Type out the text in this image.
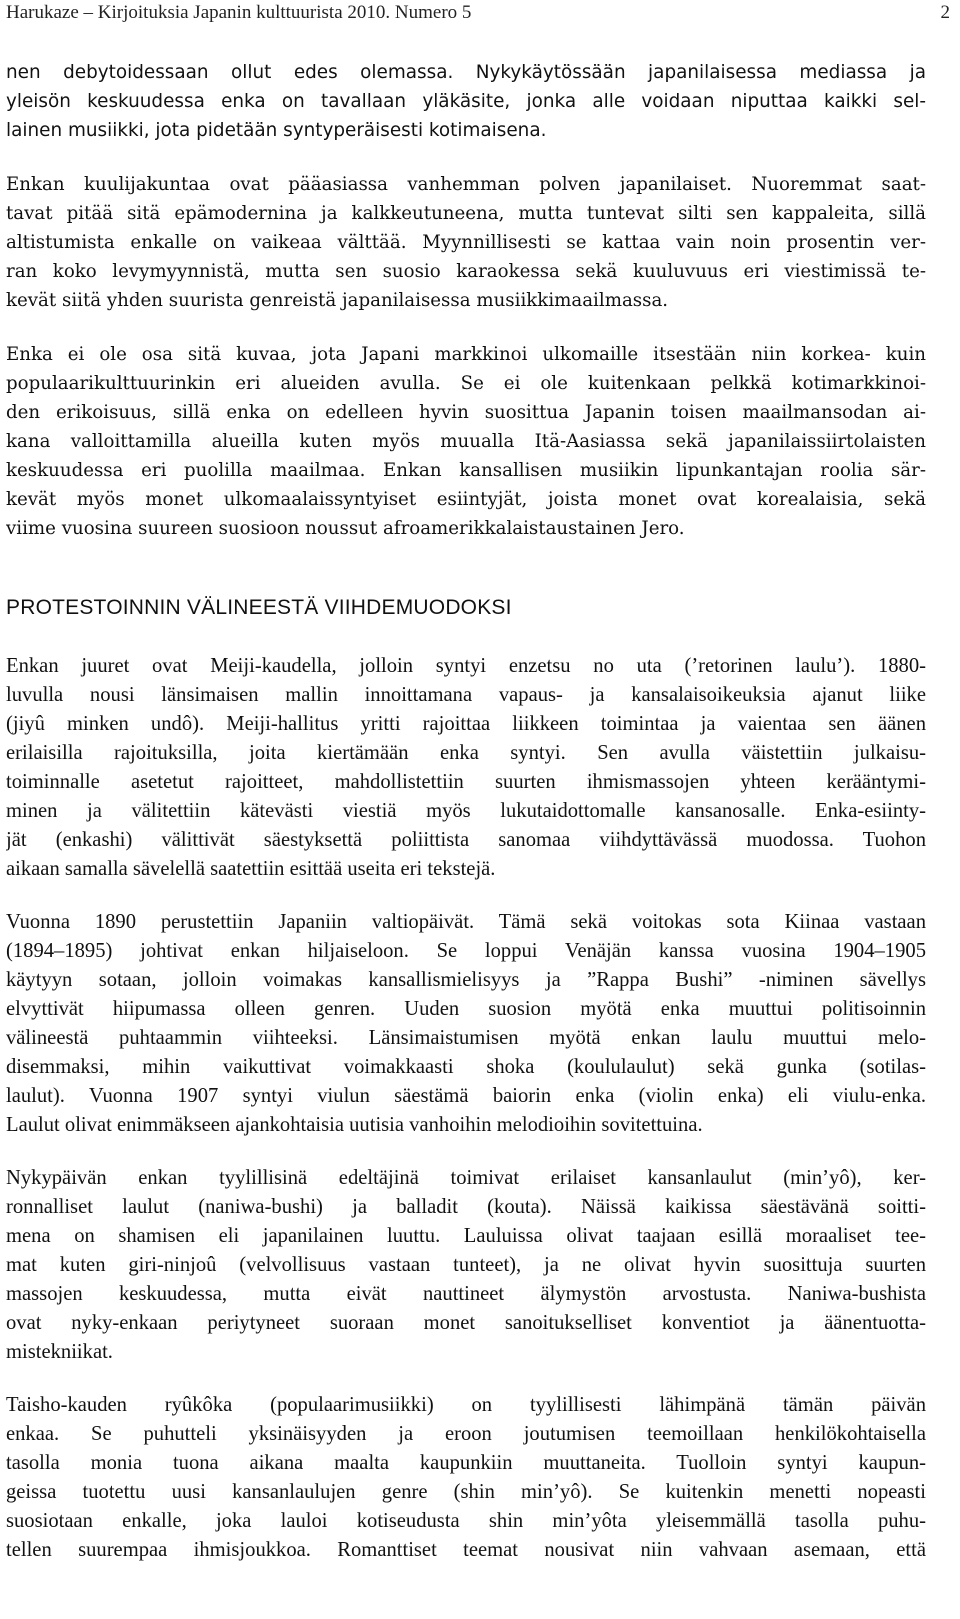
Harukaze – Kirjoituksia Japanin kulttuurista 2010. Numero 5	2

nen debytoidessaan ollut edes olemassa. Nykykäytössään japanilaisessa mediassa ja
yleisön keskuudessa enka on tavallaan yläkäsite, jonka alle voidaan niputtaa kaikki sel-
lainen musiikki, jota pidetään syntyperäisesti kotimaisena.

Enkan kuulijakuntaa ovat pääasiassa vanhemman polven japanilaiset. Nuoremmat saat-
tavat pitää sitä epämodernina ja kalkkeutuneena, mutta tuntevat silti sen kappaleita, sillä
altistumista enkalle on vaikeaa välttää. Myynnillisesti se kattaa vain noin prosentin ver-
ran koko levymyynnistä, mutta sen suosio karaokessa sekä kuuluvuus eri viestimissä te-
kevät siitä yhden suurista genreistä japanilaisessa musiikkimaailmassa.

Enka ei ole osa sitä kuvaa, jota Japani markkinoi ulkomaille itsestään niin korkea- kuin
populaarikulttuurinkin eri alueiden avulla. Se ei ole kuitenkaan pelkkä kotimarkkinoi-
den erikoisuus, sillä enka on edelleen hyvin suosittua Japanin toisen maailmansodan ai-
kana valloittamilla alueilla kuten myös muualla Itä-Aasiassa sekä japanilaissiirtolaisten
keskuudessa eri puolilla maailmaa. Enkan kansallisen musiikin lipunkantajan roolia sär-
kevät myös monet ulkomaalaissyntyiset esiintyjät, joista monet ovat korealaisia, sekä
viime vuosina suureen suosioon noussut afroamerikkalaistaustainen Jero.

PROTESTOINNIN VÄLINEESTÄ VIIHDEMUODOKSI

Enkan juuret ovat Meiji-kaudella, jolloin syntyi enzetsu no uta (’retorinen laulu’). 1880-
luvulla nousi länsimaisen mallin innoittamana vapaus- ja kansalaisoikeuksia ajanut liike
(jiyû minken undô). Meiji-hallitus yritti rajoittaa liikkeen toimintaa ja vaientaa sen äänen
erilaisilla rajoituksilla, joita kiertämään enka syntyi. Sen avulla väistettiin julkaisu-
toiminnalle asetetut rajoitteet, mahdollistettiin suurten ihmismassojen yhteen kerääntymi-
minen ja välitettiin kätevästi viestiä myös lukutaidottomalle kansanosalle. Enka-esiinty-
jät (enkashi) välittivät säestyksettä poliittista sanomaa viihdyttävässä muodossa. Tuohon
aikaan samalla sävelellä saatettiin esittää useita eri tekstejä.

Vuonna 1890 perustettiin Japaniin valtiopäivät. Tämä sekä voitokas sota Kiinaa vastaan
(1894–1895) johtivat enkan hiljaiseloon. Se loppui Venäjän kanssa vuosina 1904–1905
käytyyn sotaan, jolloin voimakas kansallismielisyys ja ”Rappa Bushi” -niminen sävellys
elvyttivät hiipumassa olleen genren. Uuden suosion myötä enka muuttui politisoinnin
välineestä puhtaammin viihteeksi. Länsimaistumisen myötä enkan laulu muuttui melo-
disemmaksi, mihin vaikuttivat voimakkaasti shoka (koululaulut) sekä gunka (sotilas-
laulut). Vuonna 1907 syntyi viulun säestämä baiorin enka (violin enka) eli viulu-enka.
Laulut olivat enimmäkseen ajankohtaisia uutisia vanhoihin melodioihin sovitettuina.

Nykypäivän enkan tyylillisinä edeltäjinä toimivat erilaiset kansanlaulut (min’yô), ker-
ronnalliset laulut (naniwa-bushi) ja balladit (kouta). Näissä kaikissa säestävänä soitti-
mena on shamisen eli japanilainen luuttu. Lauluissa olivat taajaan esillä moraaliset tee-
mat kuten giri-ninjoû (velvollisuus vastaan tunteet), ja ne olivat hyvin suosittuja suurten
massojen keskuudessa, mutta eivät nauttineet älymystön arvostusta. Naniwa-bushista
ovat nyky-enkaan periytyneet suoraan monet sanoitukselliset konventiot ja äänentuotta-
mistekniikat.

Taisho-kauden ryûkôka (populaarimusiikki) on tyylillisesti lähimpänä tämän päivän
enkaa. Se puhutteli yksinäisyyden ja eroon joutumisen teemoillaan henkilökohtaisella
tasolla monia tuona aikana maalta kaupunkiin muuttaneita. Tuolloin syntyi kaupun-
geissa tuotettu uusi kansanlaulujen genre (shin min’yô). Se kuitenkin menetti nopeasti
suosiotaan enkalle, joka lauloi kotiseudusta shin min’yôta yleisemmällä tasolla puhu-
tellen suurempaa ihmisjoukkoa. Romanttiset teemat nousivat niin vahvaan asemaan, että
